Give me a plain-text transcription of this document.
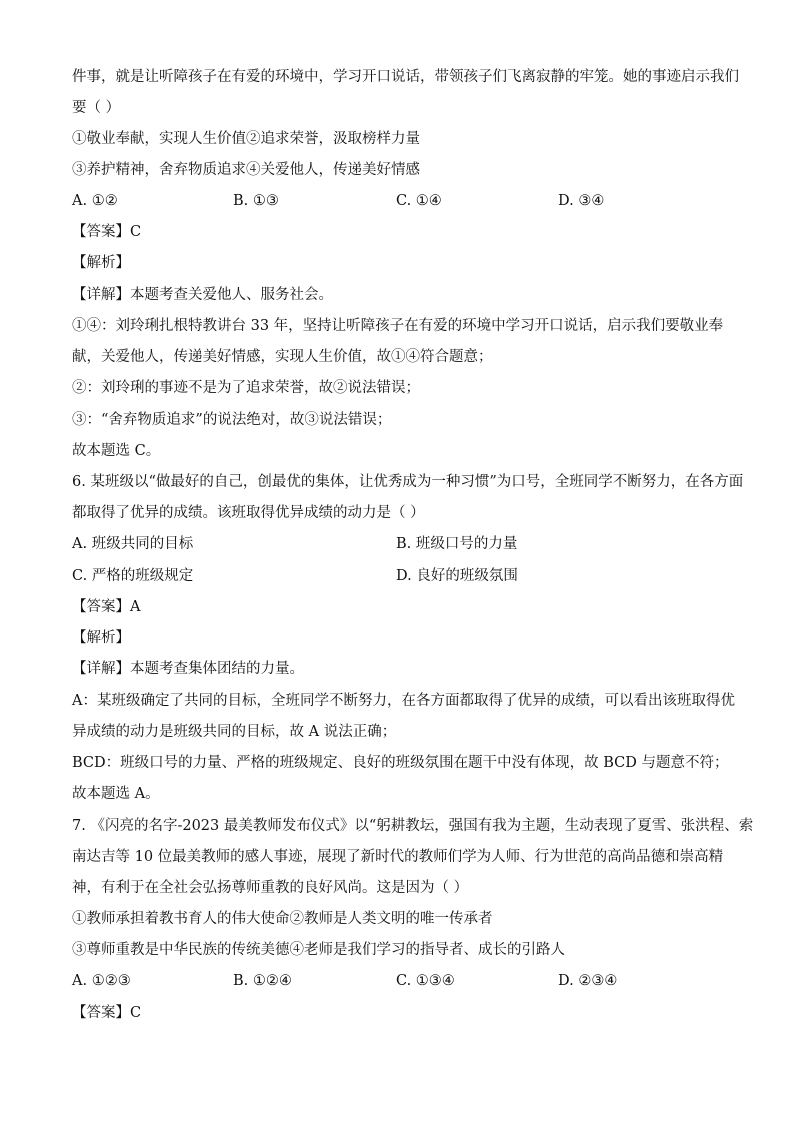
件事，就是让听障孩子在有爱的环境中，学习开口说话，带领孩子们飞离寂静的牢笼。她的事迹启示我们
要（ ）
①敬业奉献，实现人生价值②追求荣誉，汲取榜样力量
③养护精神，舍弃物质追求④关爱他人，传递美好情感
A. ①②	B. ①③	C. ①④	D. ③④
【答案】C
【解析】
【详解】本题考查关爱他人、服务社会。
①④：刘玲琍扎根特教讲台 33 年，坚持让听障孩子在有爱的环境中学习开口说话，启示我们要敬业奉
献，关爱他人，传递美好情感，实现人生价值，故①④符合题意；
②：刘玲琍的事迹不是为了追求荣誉，故②说法错误；
③：“舍弃物质追求”的说法绝对，故③说法错误；
故本题选 C。
6. 某班级以“做最好的自己，创最优的集体，让优秀成为一种习惯”为口号，全班同学不断努力，在各方面
都取得了优异的成绩。该班取得优异成绩的动力是（ ）
A. 班级共同的目标	B. 班级口号的力量
C. 严格的班级规定	D. 良好的班级氛围
【答案】A
【解析】
【详解】本题考查集体团结的力量。
A：某班级确定了共同的目标，全班同学不断努力，在各方面都取得了优异的成绩，可以看出该班取得优
异成绩的动力是班级共同的目标，故 A 说法正确；
BCD：班级口号的力量、严格的班级规定、良好的班级氛围在题干中没有体现，故 BCD 与题意不符；
故本题选 A。
7. 《闪亮的名字-2023 最美教师发布仪式》以“躬耕教坛，强国有我为主题，生动表现了夏雪、张洪程、索
南达吉等 10 位最美教师的感人事迹，展现了新时代的教师们学为人师、行为世范的高尚品德和崇高精
神，有利于在全社会弘扬尊师重教的良好风尚。这是因为（ ）
①教师承担着教书育人的伟大使命②教师是人类文明的唯一传承者
③尊师重教是中华民族的传统美德④老师是我们学习的指导者、成长的引路人
A. ①②③	B. ①②④	C. ①③④	D. ②③④
【答案】C
